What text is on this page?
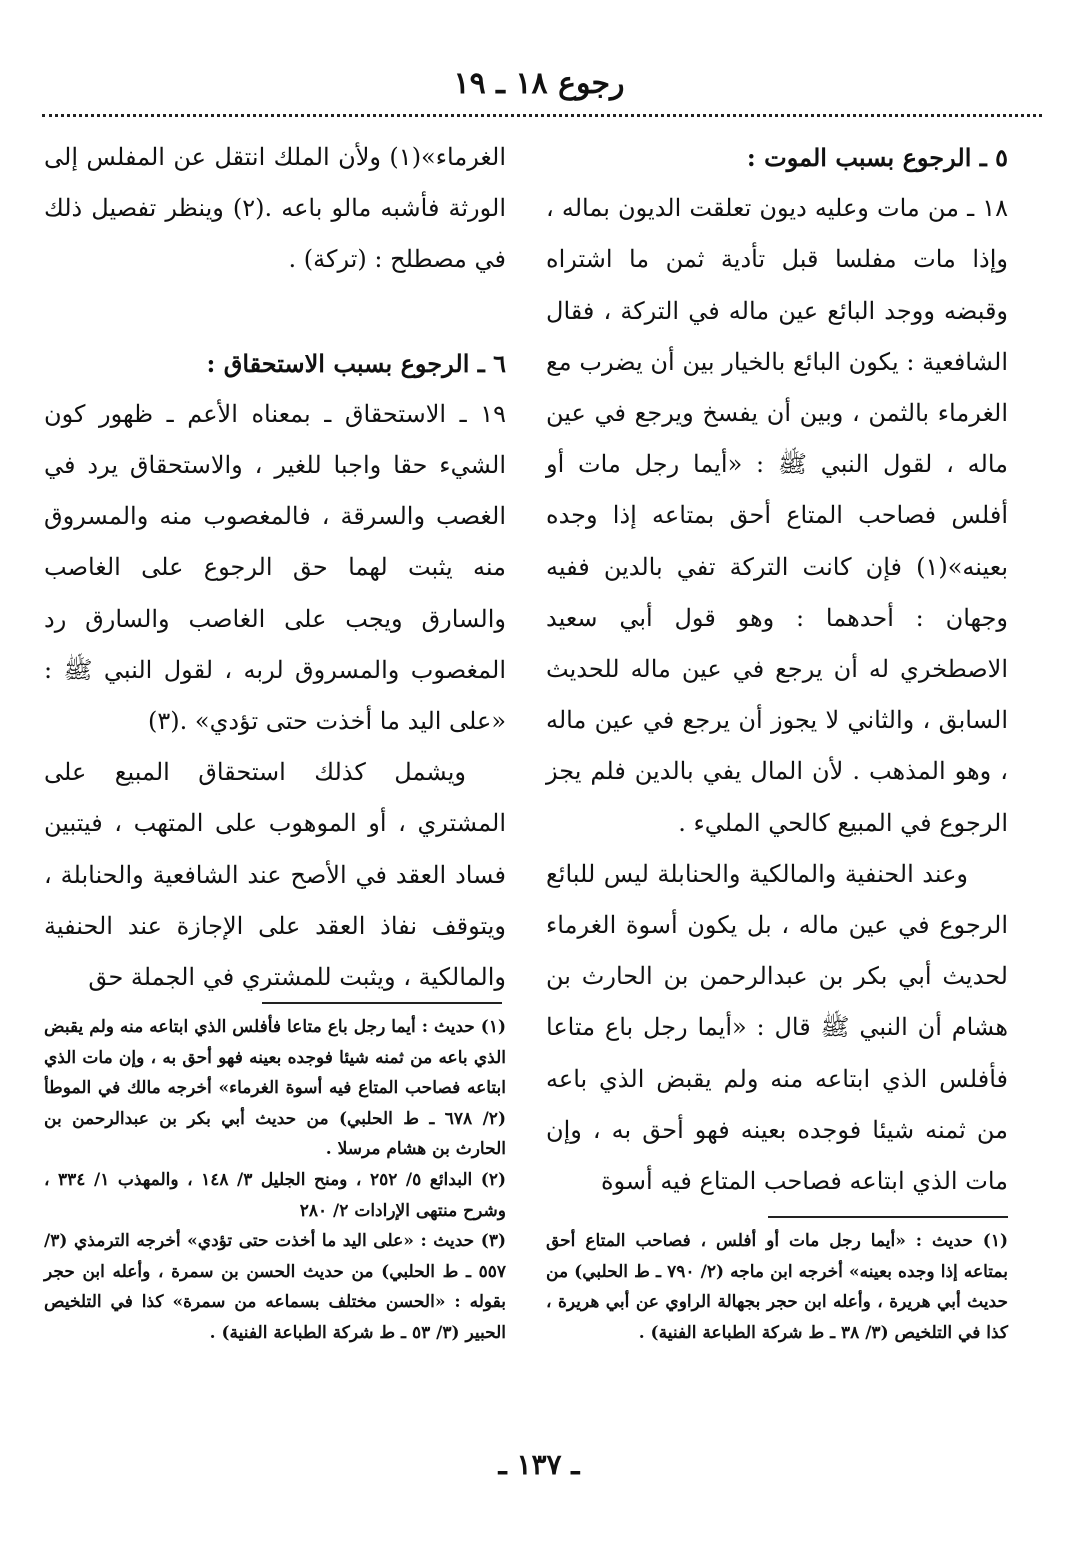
رجوع ١٨ ـ ١٩

٥ ـ الرجوع بسبب الموت :

١٨ ـ من مات وعليه ديون تعلقت الديون بماله ، وإذا مات مفلسا قبل تأدية ثمن ما اشتراه وقبضه ووجد البائع عين ماله في التركة ، فقال الشافعية : يكون البائع بالخيار بين أن يضرب مع الغرماء بالثمن ، وبين أن يفسخ ويرجع في عين ماله ، لقول النبي ﷺ : «أيما رجل مات أو أفلس فصاحب المتاع أحق بمتاعه إذا وجده بعينه»(١) فإن كانت التركة تفي بالدين ففيه وجهان : أحدهما : وهو قول أبي سعيد الاصطخري له أن يرجع في عين ماله للحديث السابق ، والثاني لا يجوز أن يرجع في عين ماله ، وهو المذهب . لأن المال يفي بالدين فلم يجز الرجوع في المبيع كالحي المليء .

وعند الحنفية والمالكية والحنابلة ليس للبائع الرجوع في عين ماله ، بل يكون أسوة الغرماء لحديث أبي بكر بن عبدالرحمن بن الحارث بن هشام أن النبي ﷺ قال : «أيما رجل باع متاعا فأفلس الذي ابتاعه منه ولم يقبض الذي باعه من ثمنه شيئا فوجده بعينه فهو أحق به ، وإن مات الذي ابتاعه فصاحب المتاع فيه أسوة

الغرماء»(١) ولأن الملك انتقل عن المفلس إلى الورثة فأشبه مالو باعه .(٢) وينظر تفصيل ذلك في مصطلح : (تركة) .

٦ ـ الرجوع بسبب الاستحقاق :

١٩ ـ الاستحقاق ـ بمعناه الأعم ـ ظهور كون الشيء حقا واجبا للغير ، والاستحقاق يرد في الغصب والسرقة ، فالمغصوب منه والمسروق منه يثبت لهما حق الرجوع على الغاصب والسارق ويجب على الغاصب والسارق رد المغصوب والمسروق لربه ، لقول النبي ﷺ : «على اليد ما أخذت حتى تؤدي» .(٣)

ويشمل كذلك استحقاق المبيع على المشتري ، أو الموهوب على المتهب ، فيتبين فساد العقد في الأصح عند الشافعية والحنابلة ، ويتوقف نفاذ العقد على الإجازة عند الحنفية والمالكية ، ويثبت للمشتري في الجملة حق

(١) حديث : «أيما رجل مات أو أفلس ، فصاحب المتاع أحق بمتاعه إذا وجده بعينه» أخرجه ابن ماجه (٢/ ٧٩٠ ـ ط الحلبي) من حديث أبي هريرة ، وأعله ابن حجر بجهالة الراوي عن أبي هريرة ، كذا في التلخيص (٣/ ٣٨ ـ ط شركة الطباعة الفنية) .

(١) حديث : أيما رجل باع متاعا فأفلس الذي ابتاعه منه ولم يقبض الذي باعه من ثمنه شيئا فوجده بعينه فهو أحق به ، وإن مات الذي ابتاعه فصاحب المتاع فيه أسوة الغرماء» أخرجه مالك في الموطأ (٢/ ٦٧٨ ـ ط الحلبي) من حديث أبي بكر بن عبدالرحمن بن الحارث بن هشام مرسلا .

(٢) البدائع ٥/ ٢٥٢ ، ومنح الجليل ٣/ ١٤٨ ، والمهذب ١/ ٣٣٤ ، وشرح منتهى الإرادات ٢/ ٢٨٠

(٣) حديث : «على اليد ما أخذت حتى تؤدي» أخرجه الترمذي (٣/ ٥٥٧ ـ ط الحلبي) من حديث الحسن بن سمرة ، وأعله ابن حجر بقوله : «الحسن مختلف بسماعه من سمرة» كذا في التلخيص الحبير (٣/ ٥٣ ـ ط شركة الطباعة الفنية) .

ـ ١٣٧ ـ
